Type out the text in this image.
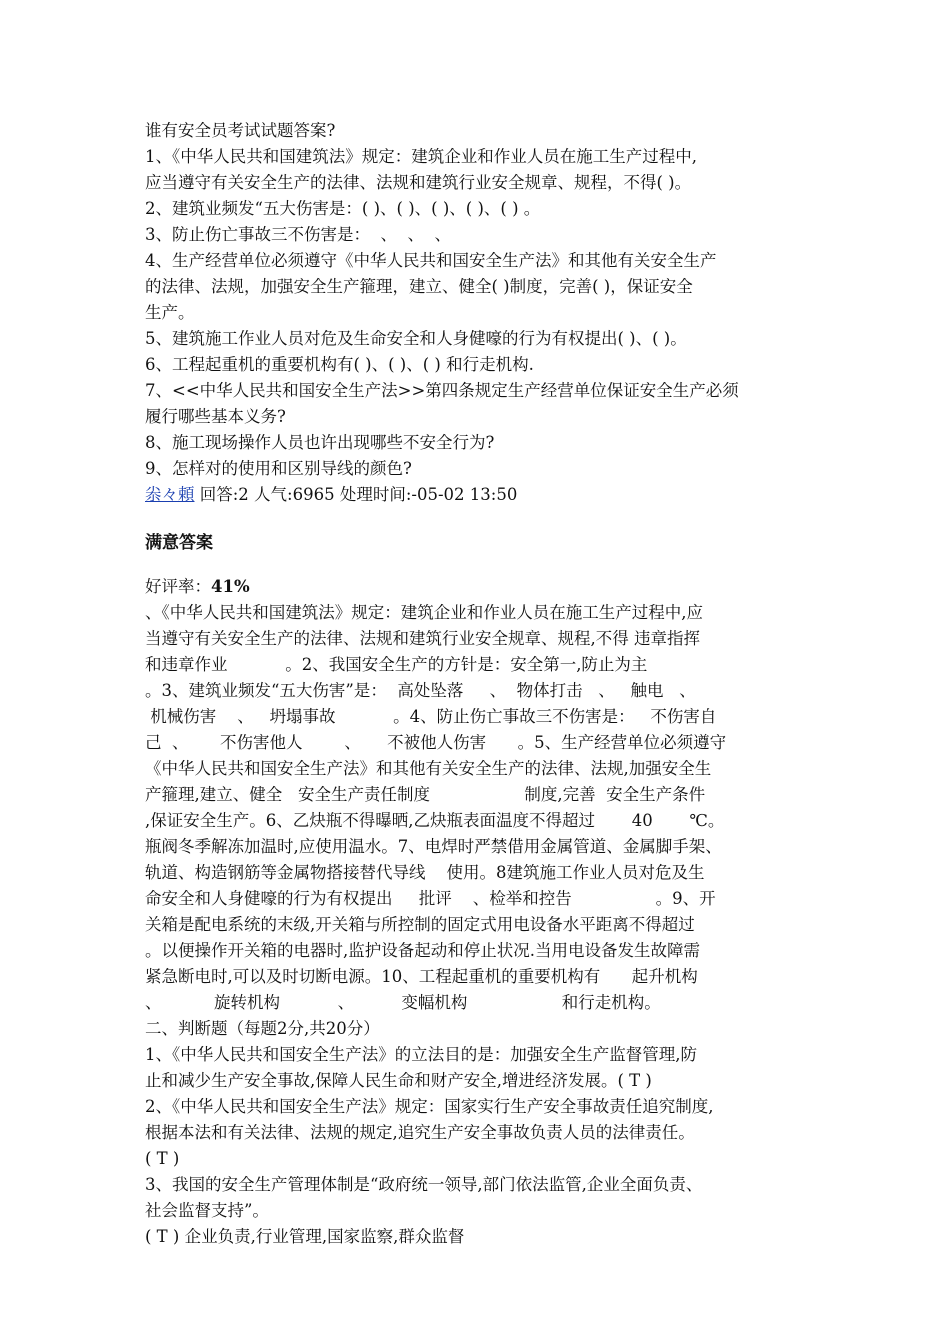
谁有安全员考试试题答案?
1、《中华人民共和国建筑法》规定：建筑企业和作业人员在施工生产过程中,
应当遵守有关安全生产的法律、法规和建筑行业安全规章、规程，不得( )。
2、建筑业频发“五大伤害是：( )、( )、( )、( )、( ) 。
3、防止伤亡事故三不伤害是：  、  、  、
4、生产经营单位必须遵守《中华人民共和国安全生产法》和其他有关安全生产
的法律、法规，加强安全生产箍理，建立、健全( )制度，完善( )，保证安全
生产。
5、建筑施工作业人员对危及生命安全和人身健嚎的行为有权提出( )、( )。
6、工程起重机的重要机构有( )、( )、( ) 和行走机构.
7、<<中华人民共和国安全生产法>>第四条规定生产经营单位保证安全生产必须
履行哪些基本义务?
8、施工现场操作人员也许出现哪些不安全行为?
9、怎样对的使用和区别导线的颜色?
尜々頼 回答:2 人气:6965 处理时间:-05-02 13:50
满意答案
好评率：41%
、《中华人民共和国建筑法》规定：建筑企业和作业人员在施工生产过程中,应
当遵守有关安全生产的法律、法规和建筑行业安全规章、规程,不得 违章指挥
和违章作业           。2、我国安全生产的方针是：安全第一,防止为主
。3、建筑业频发“五大伤害”是：  高处坠落     、  物体打击   、   触电   、
机械伤害    、   坍塌事故           。4、防止伤亡事故三不伤害是：   不伤害自
己  、      不伤害他人        、     不被他人伤害      。5、生产经营单位必须遵守
《中华人民共和国安全生产法》和其他有关安全生产的法律、法规,加强安全生
产箍理,建立、健全   安全生产责任制度                  制度,完善  安全生产条件
,保证安全生产。6、乙炔瓶不得曝晒,乙炔瓶表面温度不得超过       40       ℃。
瓶阀冬季解冻加温时,应使用温水。7、电焊时严禁借用金属管道、金属脚手架、
轨道、构造钢筋等金属物搭接替代导线    使用。8建筑施工作业人员对危及生
命安全和人身健嚎的行为有权提出     批评    、检举和控告                。9、开
关箱是配电系统的末级,开关箱与所控制的固定式用电设备水平距离不得超过
。以便操作开关箱的电器时,监护设备起动和停止状况.当用电设备发生故障需
紧急断电时,可以及时切断电源。10、工程起重机的重要机构有      起升机构
、          旋转机构           、         变幅机构                  和行走机构。
二、判断题（每题2分,共20分）
1、《中华人民共和国安全生产法》的立法目的是：加强安全生产监督管理,防
止和减少生产安全事故,保障人民生命和财产安全,增进经济发展。( T )
2、《中华人民共和国安全生产法》规定：国家实行生产安全事故责任追究制度,
根据本法和有关法律、法规的规定,追究生产安全事故负责人员的法律责任。
( T )
3、我国的安全生产管理体制是“政府统一领导,部门依法监管,企业全面负责、
社会监督支持”。
( T ) 企业负责,行业管理,国家监察,群众监督
